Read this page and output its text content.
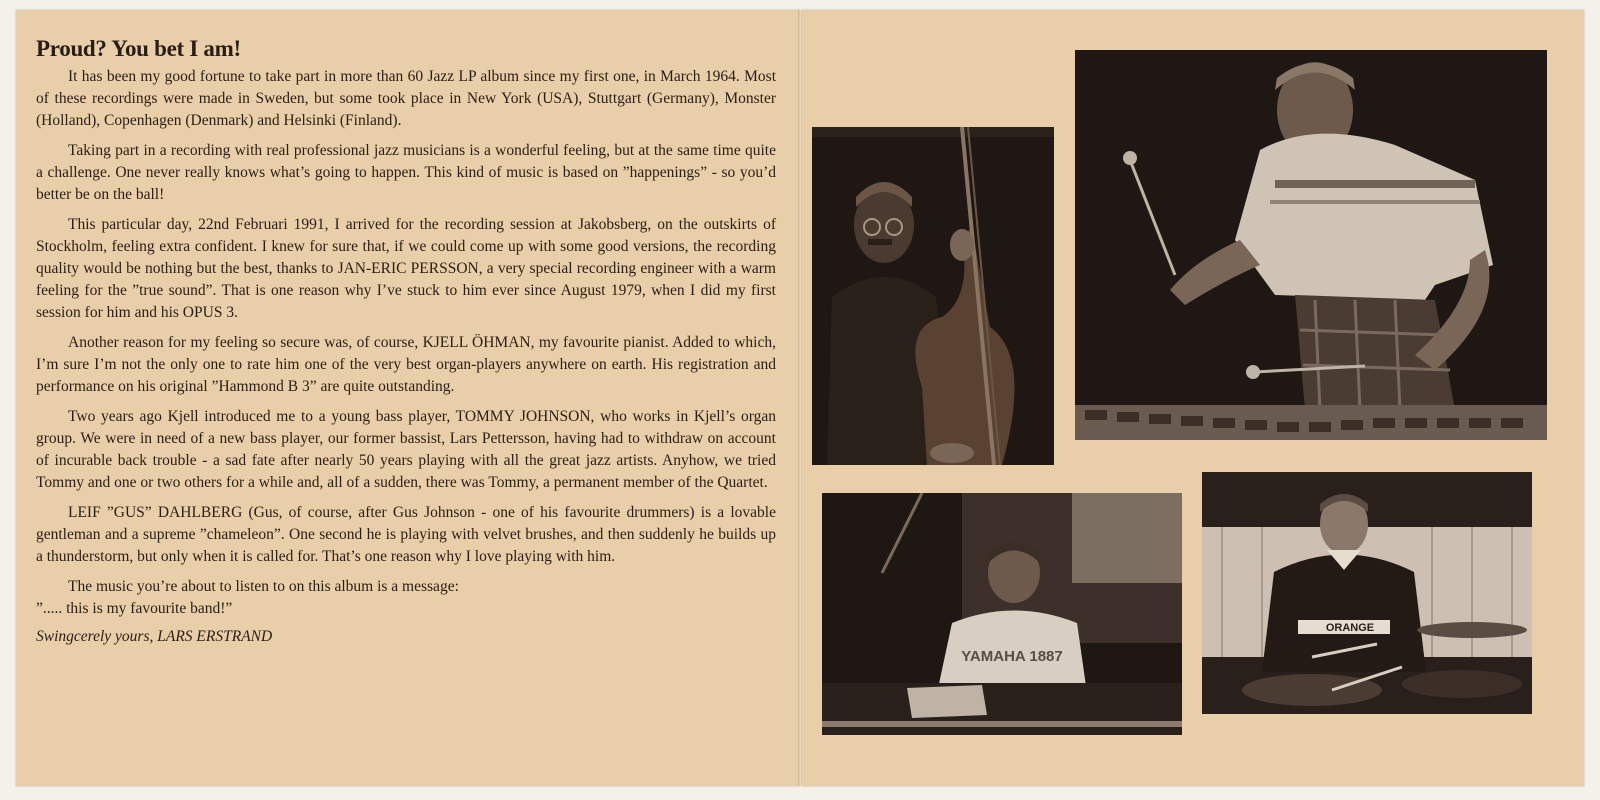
Proud? You bet I am!

It has been my good fortune to take part in more than 60 Jazz LP album since my first one, in March 1964. Most of these recordings were made in Sweden, but some took place in New York (USA), Stuttgart (Germany), Monster (Holland), Copenhagen (Denmark) and Helsinki (Finland).

Taking part in a recording with real professional jazz musicians is a wonderful feeling, but at the same time quite a challenge. One never really knows what’s going to happen. This kind of music is based on ”happenings” - so you’d better be on the ball!

This particular day, 22nd Februari 1991, I arrived for the recording session at Jakobsberg, on the outskirts of Stockholm, feeling extra confident. I knew for sure that, if we could come up with some good versions, the recording quality would be nothing but the best, thanks to JAN-ERIC PERSSON, a very special recording engineer with a warm feeling for the ”true sound”. That is one reason why I’ve stuck to him ever since August 1979, when I did my first session for him and his OPUS 3.

Another reason for my feeling so secure was, of course, KJELL ÖHMAN, my favourite pianist. Added to which, I’m sure I’m not the only one to rate him one of the very best organ-players anywhere on earth. His registration and performance on his original ”Hammond B 3” are quite outstanding.

Two years ago Kjell introduced me to a young bass player, TOMMY JOHNSON, who works in Kjell’s organ group. We were in need of a new bass player, our former bassist, Lars Pettersson, having had to withdraw on account of incurable back trouble - a sad fate after nearly 50 years playing with all the great jazz artists. Anyhow, we tried Tommy and one or two others for a while and, all of a sudden, there was Tommy, a permanent member of the Quartet.

LEIF ”GUS” DAHLBERG (Gus, of course, after Gus Johnson - one of his favourite drummers) is a lovable gentleman and a supreme ”chameleon”. One second he is playing with velvet brushes, and then suddenly he builds up a thunderstorm, but only when it is called for. That’s one reason why I love playing with him.

The music you’re about to listen to on this album is a message:

”..... this is my favourite band!”

Swingcerely yours, LARS ERSTRAND

YAMAHA 1887
ORANGE
